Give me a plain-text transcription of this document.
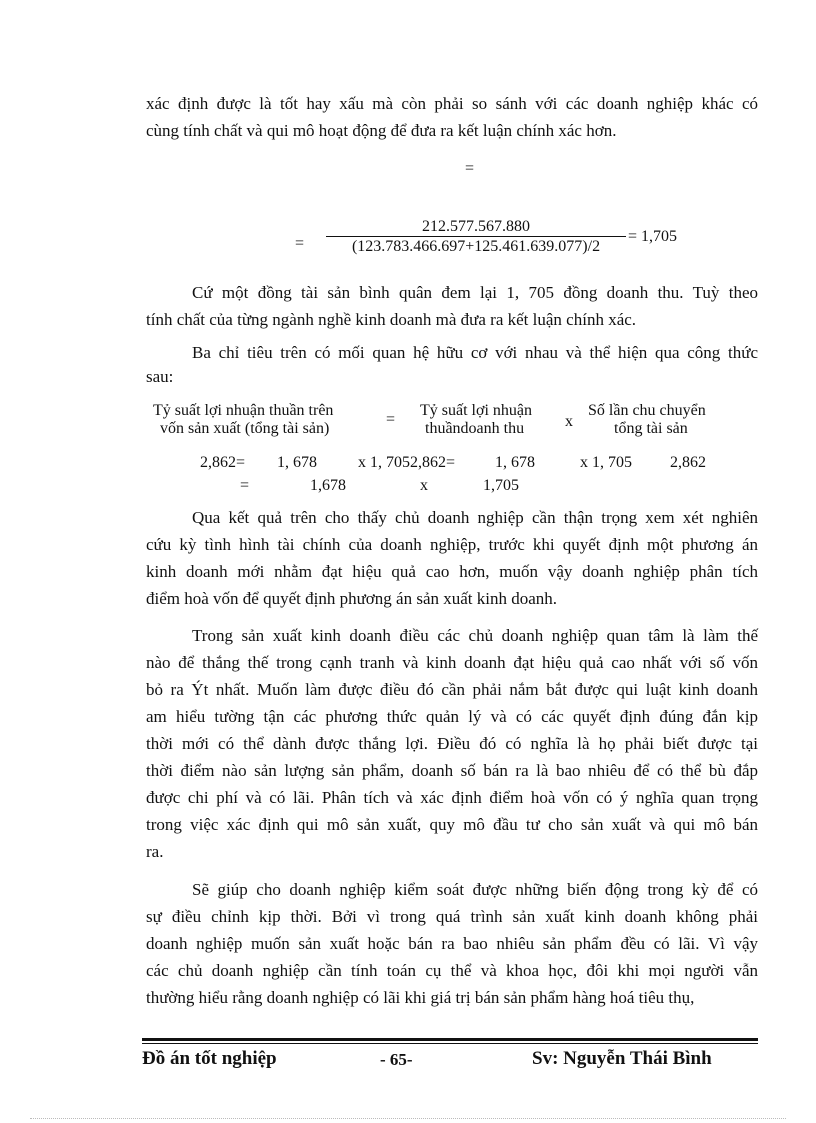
xác định được là tốt hay xấu mà còn phải so sánh với các doanh nghiệp khác có
cùng tính chất và qui mô hoạt động để đưa ra kết luận chính xác hơn.
=
= $\frac{212.577.567.880}{(123.783.466.697+125.461.639.077)/2} = 1,705$
Cứ một đồng tài sản bình quân đem lại 1, 705 đồng doanh thu. Tuỳ theo
tính chất của từng ngành nghề kinh doanh mà đưa ra kết luận chính xác.
Ba chỉ tiêu trên có mối quan hệ hữu cơ với nhau và thể hiện qua công thức
sau:
Tỷ suất lợi nhuận thuần trên
vốn sản xuất (tổng tài sản)
=
Tỷ suất lợi nhuận
thuầndoanh thu	x
Số lần chu chuyển
tổng tài sản
2,862= 1, 678	x 1, 7052,862= 1, 678	x 1, 705 2,862
=	1,678	x	1,705
Qua kết quả trên cho thấy chủ doanh nghiệp cần thận trọng xem xét nghiên
cứu kỳ tình hình tài chính của doanh nghiệp, trước khi quyết định một phương án
kinh doanh mới nhằm đạt hiệu quả cao hơn, muốn vậy doanh nghiệp phân tích
điểm hoà vốn để quyết định phương án sản xuất kinh doanh.
Trong sản xuất kinh doanh điều các chủ doanh nghiệp quan tâm là làm thế
nào để thắng thế trong cạnh tranh và kinh doanh đạt hiệu quả cao nhất với số vốn
bỏ ra Ýt nhất. Muốn làm được điều đó cần phải nắm bắt được qui luật kinh doanh
am hiểu tường tận các phương thức quản lý và có các quyết định đúng đắn kịp
thời mới có thể dành được thắng lợi. Điều đó có nghĩa là họ phải biết được tại
thời điểm nào sản lượng sản phẩm, doanh số bán ra là bao nhiêu để có thể bù đắp
được chi phí và có lãi. Phân tích và xác định điểm hoà vốn có ý nghĩa quan trọng
trong việc xác định qui mô sản xuất, quy mô đầu tư cho sản xuất và qui mô bán
ra.
Sẽ giúp cho doanh nghiệp kiểm soát được những biến động trong kỳ để có
sự điều chỉnh kịp thời. Bởi vì trong quá trình sản xuất kinh doanh không phải
doanh nghiệp muốn sản xuất hoặc bán ra bao nhiêu sản phẩm đều có lãi. Vì vậy
các chủ doanh nghiệp cần tính toán cụ thể và khoa học, đôi khi mọi người vẫn
thường hiểu rằng doanh nghiệp có lãi khi giá trị bán sản phẩm hàng hoá tiêu thụ,
Đồ án tốt nghiệp	- 65-	Sv: Nguyễn Thái Bình
